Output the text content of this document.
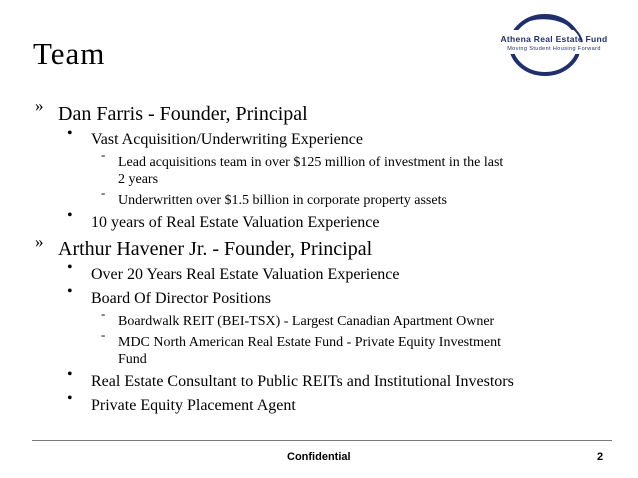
Team	Athena Real Estate Fund
Moving Student Housing Forward
» Dan Farris - Founder, Principal
• Vast Acquisition/Underwriting Experience
-
Lead acquisitions team in over $125 million of investment in the last
2 years
-
Underwritten over $1.5 billion in corporate property assets
• 10 years of Real Estate Valuation Experience
» Arthur Havener Jr. - Founder, Principal
• Over 20 Years Real Estate Valuation Experience
• Board Of Director Positions
-
Boardwalk REIT (BEI-TSX) - Largest Canadian Apartment Owner
-
MDC North American Real Estate Fund - Private Equity Investment
Fund
• Real Estate Consultant to Public REITs and Institutional Investors
• Private Equity Placement Agent
Confidential	2
